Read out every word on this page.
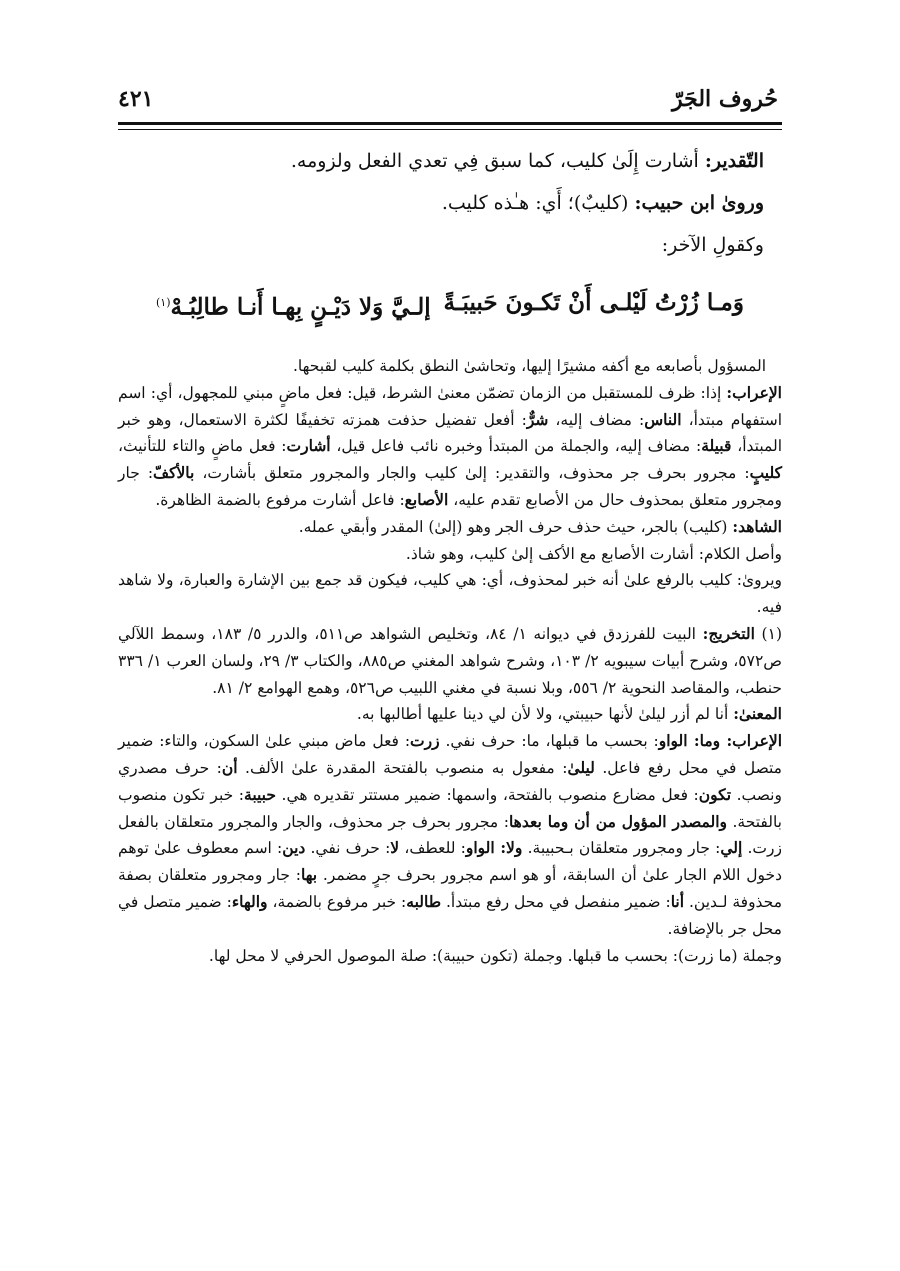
حُروف الجَرّ
٤٢١

التّقدير: أشارت إِلَىٰ كليب، كما سبق فِي تعدي الفعل ولزومه.

وروىٰ ابن حبيب: (كليبٌ)؛ أَي: هـٰذه كليب.

وكقولِ الآخر:

وَمـا زُرْتُ لَيْلـى أَنْ تَكـونَ حَبيبَـةً
إلـيَّ وَلا دَيْـنٍ بِهـا أَنـا طالِبُـهْ$^{(١)}$

المسؤول بأصابعه مع أكفه مشيرًا إليها، وتحاشىٰ النطق بكلمة كليب لقبحها.

الإعراب: إذا: ظرف للمستقبل من الزمان تضمّن معنىٰ الشرط، قيل: فعل ماضٍ مبني للمجهول، أي: اسم استفهام مبتدأ، الناس: مضاف إليه، شرٌّ: أفعل تفضيل حذفت همزته تخفيفًا لكثرة الاستعمال، وهو خبر المبتدأ، قبيلة: مضاف إليه، والجملة من المبتدأ وخبره نائب فاعل قيل، أشارت: فعل ماضٍ والتاء للتأنيث، كليبٍ: مجرور بحرف جر محذوف، والتقدير: إلىٰ كليب والجار والمجرور متعلق بأشارت، بالأكفّ: جار ومجرور متعلق بمحذوف حال من الأصابع تقدم عليه، الأصابع: فاعل أشارت مرفوع بالضمة الظاهرة.

الشاهد: (كليب) بالجر، حيث حذف حرف الجر وهو (إلىٰ) المقدر وأبقي عمله.

وأصل الكلام: أشارت الأصابع مع الأكف إلىٰ كليب، وهو شاذ.

ويروىٰ: كليب بالرفع علىٰ أنه خبر لمحذوف، أي: هي كليب، فيكون قد جمع بين الإشارة والعبارة، ولا شاهد فيه.

(١) التخريج: البيت للفرزدق في ديوانه ١/ ٨٤، وتخليص الشواهد ص٥١١، والدرر ٥/ ١٨٣، وسمط اللآلي ص٥٧٢، وشرح أبيات سيبويه ٢/ ١٠٣، وشرح شواهد المغني ص٨٨٥، والكتاب ٣/ ٢٩، ولسان العرب ١/ ٣٣٦ حنطب، والمقاصد النحوية ٢/ ٥٥٦، وبلا نسبة في مغني اللبيب ص٥٢٦، وهمع الهوامع ٢/ ٨١.

المعنىٰ: أنا لم أزر ليلىٰ لأنها حبيبتي، ولا لأن لي دينا عليها أطالبها به.

الإعراب: وما: الواو: بحسب ما قبلها، ما: حرف نفي. زرت: فعل ماض مبني علىٰ السكون، والتاء: ضمير متصل في محل رفع فاعل. ليلىٰ: مفعول به منصوب بالفتحة المقدرة علىٰ الألف. أن: حرف مصدري ونصب. تكون: فعل مضارع منصوب بالفتحة، واسمها: ضمير مستتر تقديره هي. حبيبة: خبر تكون منصوب بالفتحة. والمصدر المؤول من أن وما بعدها: مجرور بحرف جر محذوف، والجار والمجرور متعلقان بالفعل زرت. إلي: جار ومجرور متعلقان بـحبيبة. ولا: الواو: للعطف، لا: حرف نفي. دين: اسم معطوف علىٰ توهم دخول اللام الجار علىٰ أن السابقة، أو هو اسم مجرور بحرف جرٍ مضمر. بها: جار ومجرور متعلقان بصفة محذوفة لـدين. أنا: ضمير منفصل في محل رفع مبتدأ. طالبه: خبر مرفوع بالضمة، والهاء: ضمير متصل في محل جر بالإضافة.

وجملة (ما زرت): بحسب ما قبلها. وجملة (تكون حبيبة): صلة الموصول الحرفي لا محل لها.
